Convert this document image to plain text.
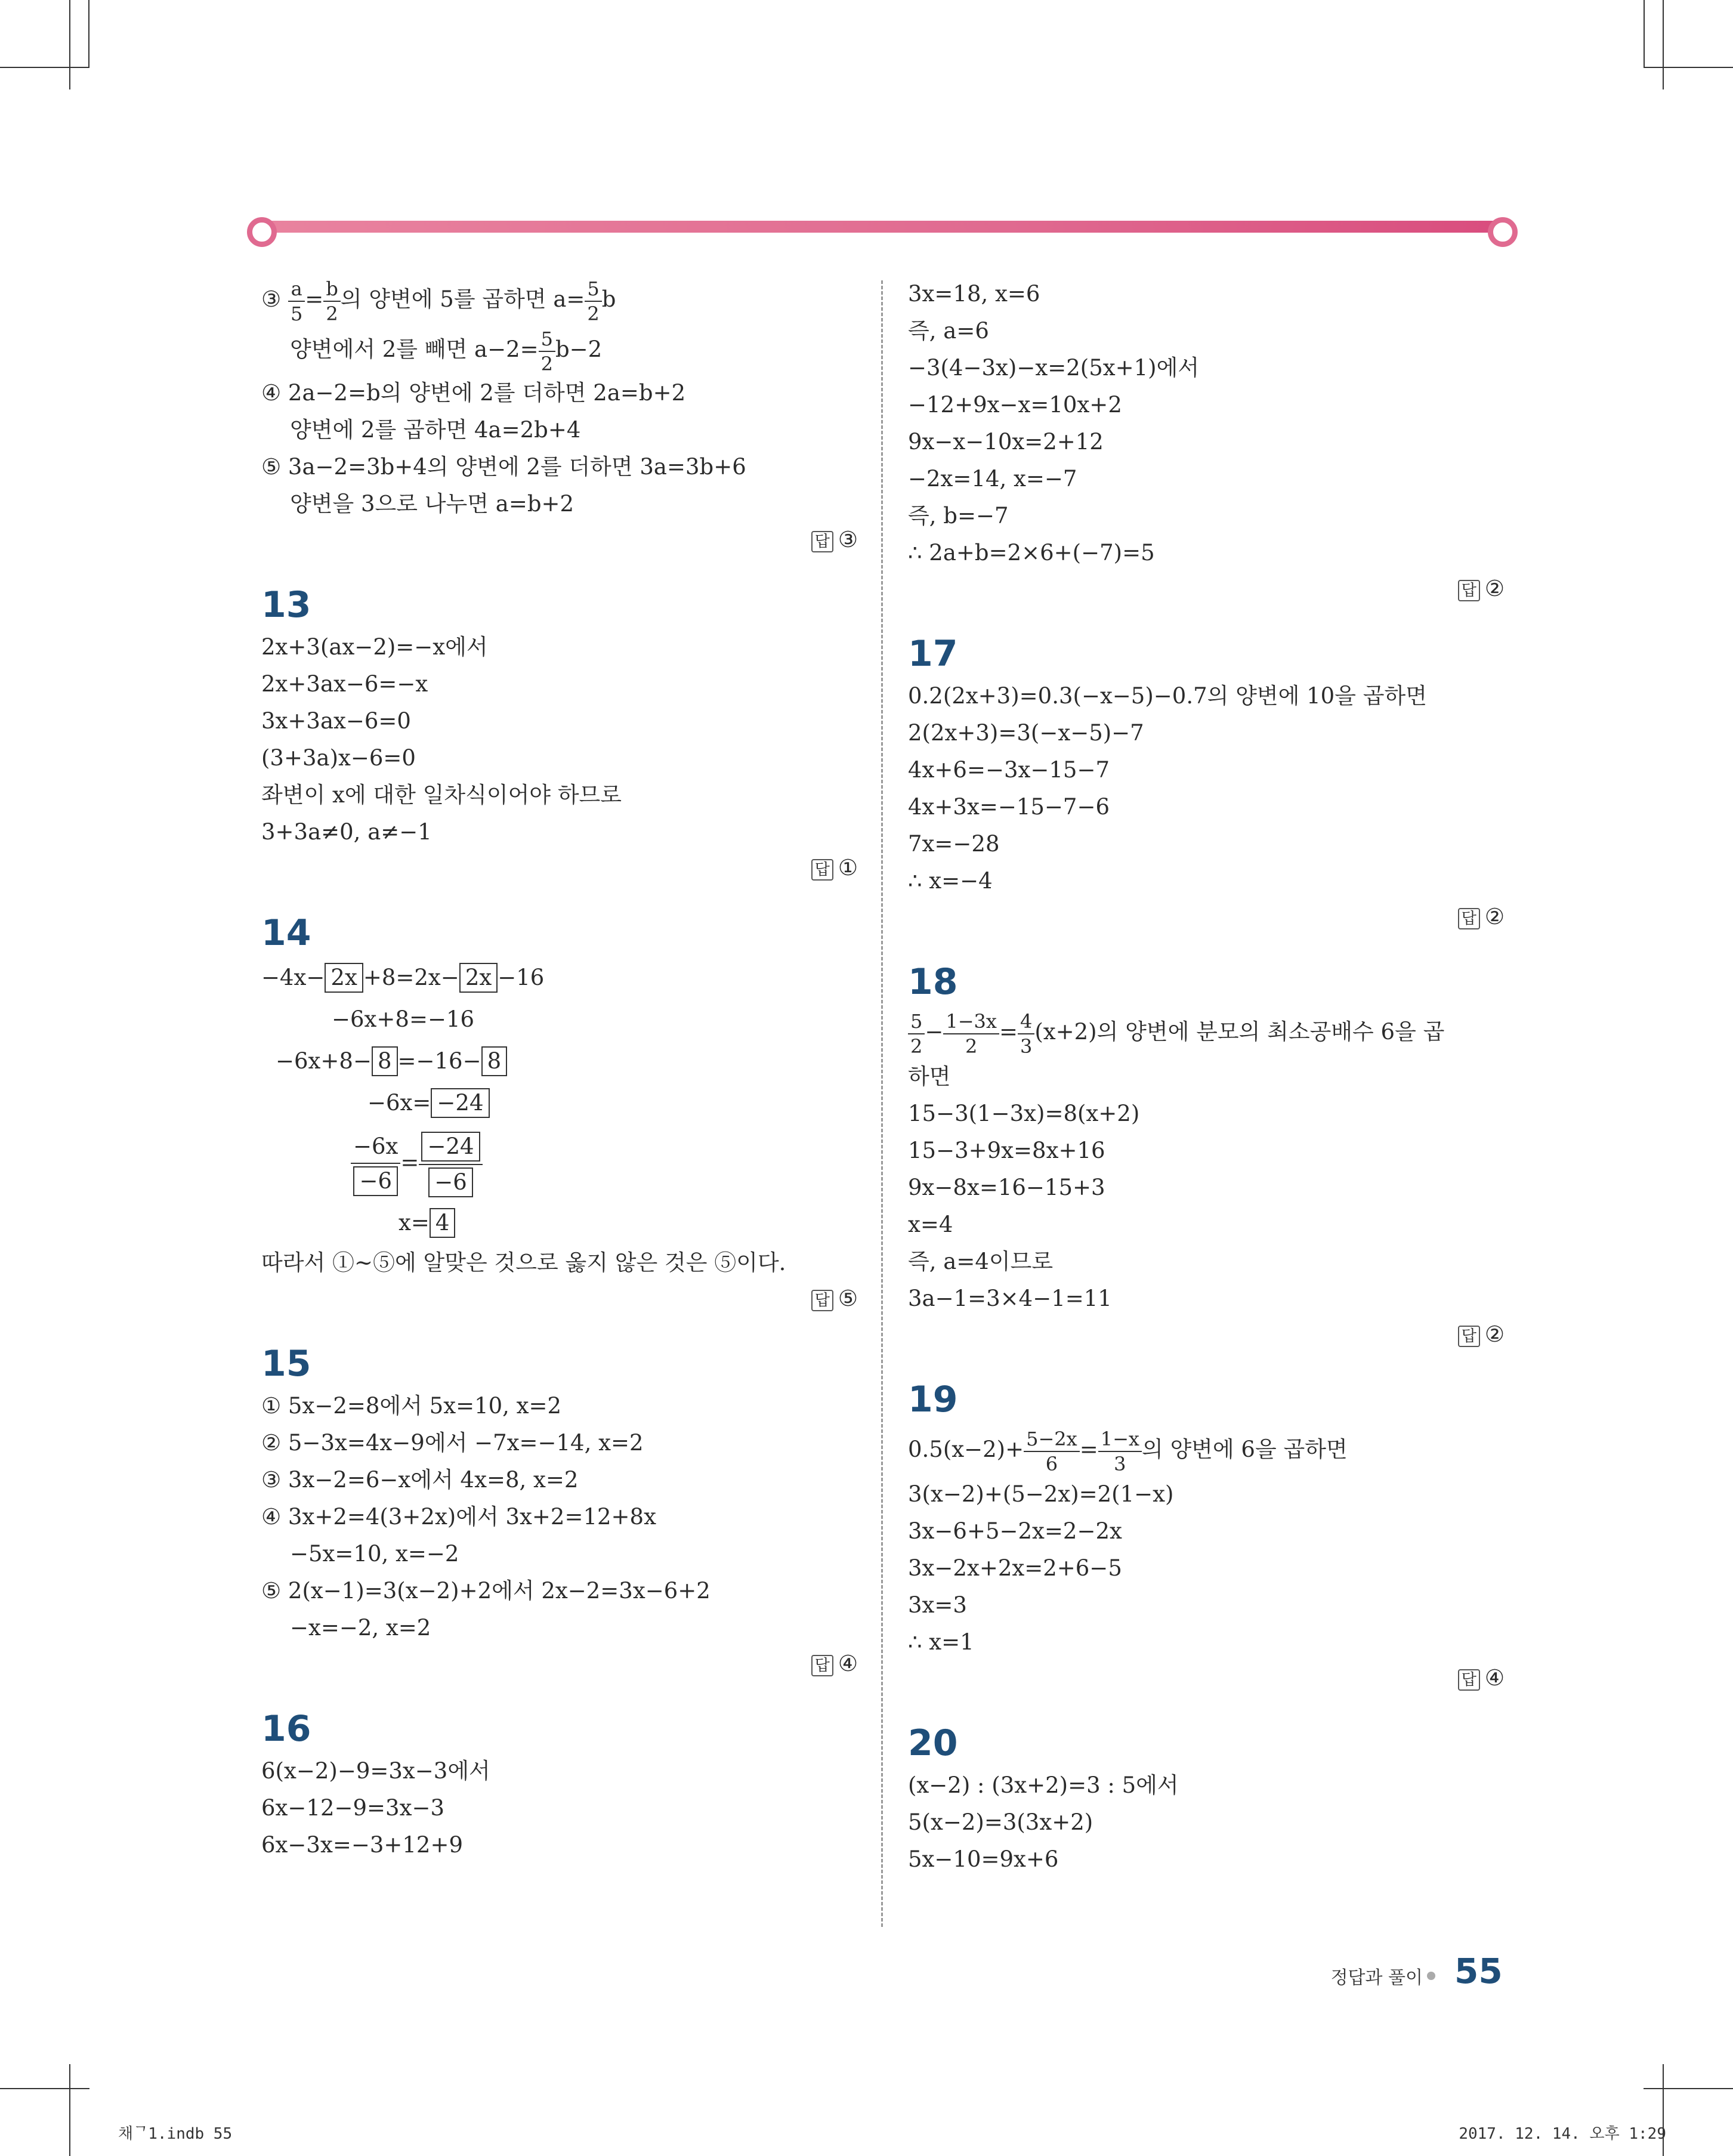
③ $\frac{a}{5} = \frac{b}{2}$ 의 양변에 5를 곱하면 $a= \frac{5}{2}$ b
양변에서 2를 빼면 $a-2= \frac{5}{2} b-2$
④ 2a−2=b의 양변에 2를 더하면 2a=b+2
양변에 2를 곱하면 4a=2b+4
⑤ 3a−2=3b+4의 양변에 2를 더하면 3a=3b+6
양변을 3으로 나누면 a=b+2
답 ③
13
2x+3(ax−2)=−x에서
2x+3ax−6=−x
3x+3ax−6=0
(3+3a)x−6=0
좌변이 x에 대한 일차식이어야 하므로
3+3a≠0, a≠−1
답 ①
14
−4x− 2x +8=2x− 2x −16
−6x+8=−16
−6x+8− 8 =−16− 8
−6x= −24
$\frac{-6x}{-6} = \frac{-24}{-6}$
x= 4
따라서 ①~⑤에 알맞은 것으로 옳지 않은 것은 ⑤이다.
답 ⑤
15
① 5x−2=8에서 5x=10, x=2
② 5−3x=4x−9에서 −7x=−14, x=2
③ 3x−2=6−x에서 4x=8, x=2
④ 3x+2=4(3+2x)에서 3x+2=12+8x
−5x=10, x=−2
⑤ 2(x−1)=3(x−2)+2에서 2x−2=3x−6+2
−x=−2, x=2
답 ④
16
6(x−2)−9=3x−3에서
6x−12−9=3x−3
6x−3x=−3+12+9
3x=18, x=6
즉, a=6
−3(4−3x)−x=2(5x+1)에서
−12+9x−x=10x+2
9x−x−10x=2+12
−2x=14, x=−7
즉, b=−7
∴ 2a+b=2×6+(−7)=5
답 ②
17
0.2(2x+3)=0.3(−x−5)−0.7의 양변에 10을 곱하면
2(2x+3)=3(−x−5)−7
4x+6=−3x−15−7
4x+3x=−15−7−6
7x=−28
∴ x=−4
답 ②
18
$\frac{5}{2} - \frac{1-3x}{2} = \frac{4}{3} (x+2)$의 양변에 분모의 최소공배수 6을 곱
하면
15−3(1−3x)=8(x+2)
15−3+9x=8x+16
9x−8x=16−15+3
x=4
즉, a=4이므로
3a−1=3×4−1=11
답 ②
19
$0.5(x-2)+ \frac{5-2x}{6} = \frac{1-x}{3}$ 의 양변에 6을 곱하면
3(x−2)+(5−2x)=2(1−x)
3x−6+5−2x=2−2x
3x−2x+2x=2+6−5
3x=3
∴ x=1
답 ④
20
(x−2) : (3x+2)=3 : 5에서
5(x−2)=3(3x+2)
5x−10=9x+6
정답과 풀이 55
채ᄀ1.indb 55	2017. 12. 14. 오후 1:29
